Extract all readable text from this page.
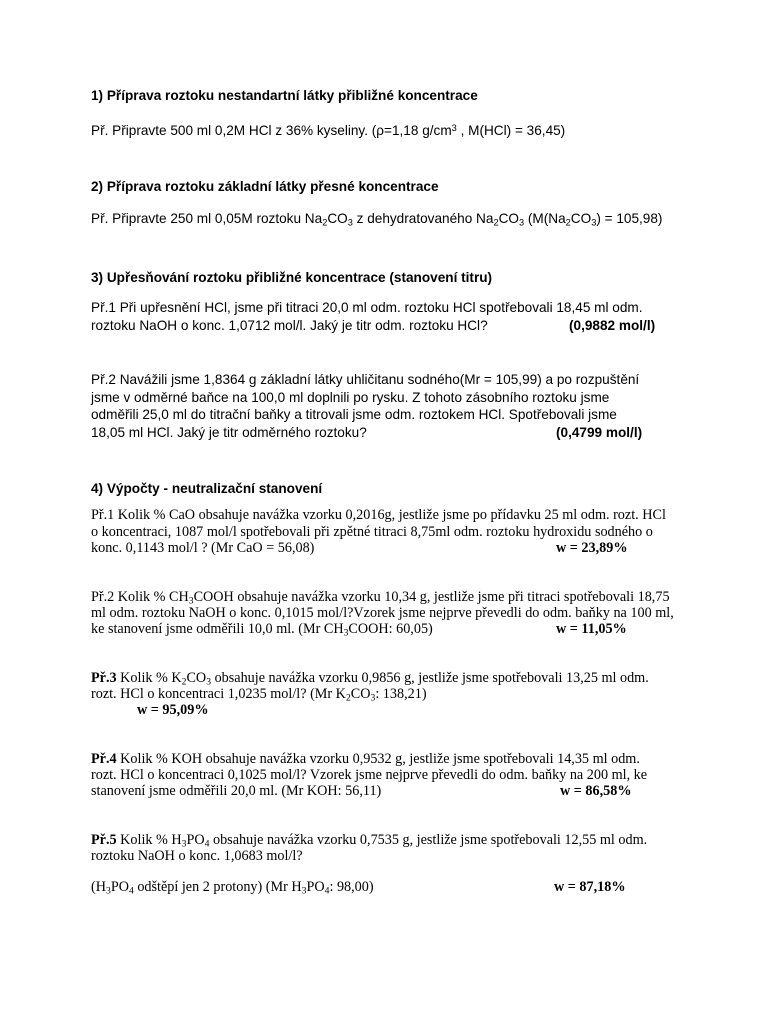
1) Příprava roztoku nestandartní látky přibližné koncentrace
Př. Připravte 500 ml 0,2M HCl z 36% kyseliny. (ρ=1,18 $g/cm^3$ , M(HCl) = 36,45)
2) Příprava roztoku základní látky přesné koncentrace
Př. Připravte 250 ml 0,05M roztoku $Na_2CO_3$ z dehydratovaného $Na_2CO_3$ $(M(Na_2CO_3) = 105,98)$
3) Upřesňování roztoku přibližné koncentrace (stanovení titru)
Př.1 Při upřesnění HCl, jsme při titraci 20,0 ml odm. roztoku HCl spotřebovali 18,45 ml odm.
roztoku NaOH o konc. 1,0712 mol/l. Jaký je titr odm. roztoku HCl?	(0,9882 mol/l)
Př.2 Navážili jsme 1,8364 g základní látky uhličitanu sodného(Mr = 105,99) a po rozpuštění
jsme v odměrné baňce na 100,0 ml doplnili po rysku. Z tohoto zásobního roztoku jsme
odměřili 25,0 ml do titrační baňky a titrovali jsme odm. roztokem HCl. Spotřebovali jsme
18,05 ml HCl. Jaký je titr odměrného roztoku?	(0,4799 mol/l)
4) Výpočty - neutralizační stanovení
Př.1 Kolik % CaO obsahuje navážka vzorku 0,2016g, jestliže jsme po přídavku 25 ml odm. rozt. HCl
o koncentraci, 1087 mol/l spotřebovali při zpětné titraci 8,75ml odm. roztoku hydroxidu sodného o
konc. 0,1143 mol/l ? (Mr CaO = 56,08)	w = 23,89%
Př.2 Kolik % $CH_3COOH$ obsahuje navážka vzorku 10,34 g, jestliže jsme při titraci spotřebovali 18,75
ml odm. roztoku NaOH o konc. 0,1015 mol/l?Vzorek jsme nejprve převedli do odm. baňky na 100 ml,
ke stanovení jsme odměřili 10,0 ml. (Mr $CH_3COOH$: 60,05)	w = 11,05%
Př.3 Kolik % $K_2CO_3$ obsahuje navážka vzorku 0,9856 g, jestliže jsme spotřebovali 13,25 ml odm.
rozt. HCl o koncentraci 1,0235 mol/l? (Mr $K_2CO_3$: 138,21)
w = 95,09%
Př.4 Kolik % KOH obsahuje navážka vzorku 0,9532 g, jestliže jsme spotřebovali 14,35 ml odm.
rozt. HCl o koncentraci 0,1025 mol/l? Vzorek jsme nejprve převedli do odm. baňky na 200 ml, ke
stanovení jsme odměřili 20,0 ml. (Mr KOH: 56,11)	w = 86,58%
Př.5 Kolik % $H_3PO_4$ obsahuje navážka vzorku 0,7535 g, jestliže jsme spotřebovali 12,55 ml odm.
roztoku NaOH o konc. 1,0683 mol/l?
($H_3PO_4$ odštěpí jen 2 protony) (Mr $H_3PO_4$: 98,00)	w = 87,18%
